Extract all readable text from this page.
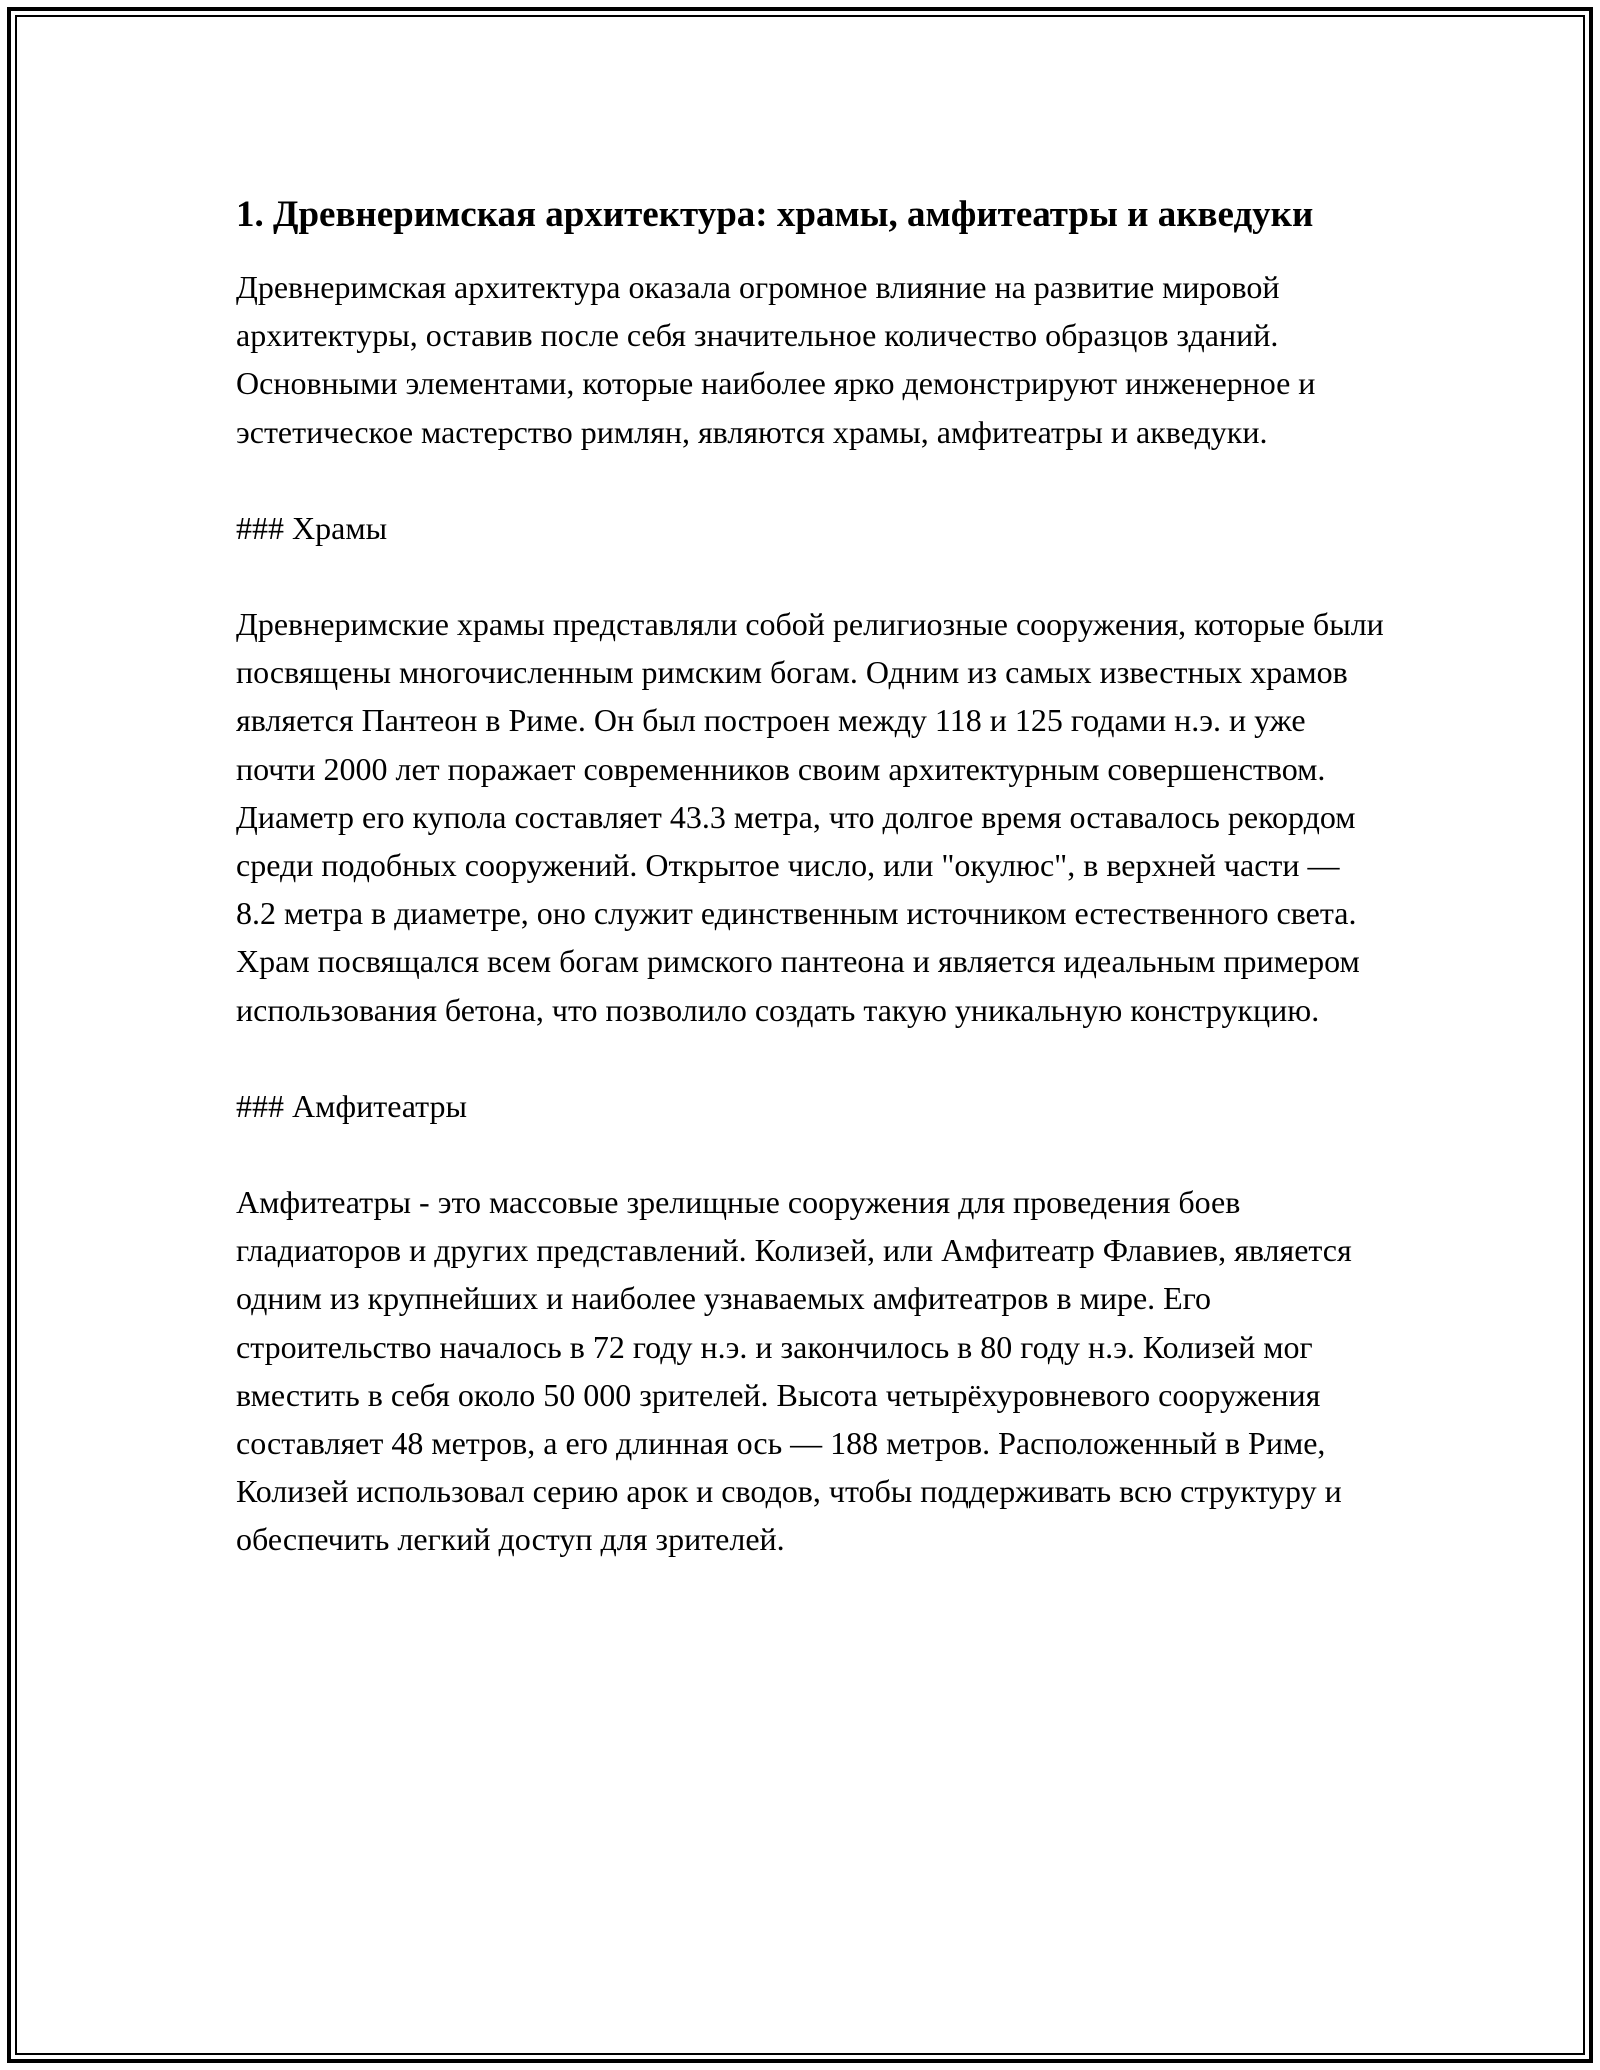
1. Древнеримская архитектура: храмы, амфитеатры и акведуки

Древнеримская архитектура оказала огромное влияние на развитие мировой архитектуры, оставив после себя значительное количество образцов зданий. Основными элементами, которые наиболее ярко демонстрируют инженерное и эстетическое мастерство римлян, являются храмы, амфитеатры и акведуки.

### Храмы

Древнеримские храмы представляли собой религиозные сооружения, которые были посвящены многочисленным римским богам. Одним из самых известных храмов является Пантеон в Риме. Он был построен между 118 и 125 годами н.э. и уже почти 2000 лет поражает современников своим архитектурным совершенством. Диаметр его купола составляет 43.3 метра, что долгое время оставалось рекордом среди подобных сооружений. Открытое число, или "окулюс", в верхней части — 8.2 метра в диаметре, оно служит единственным источником естественного света. Храм посвящался всем богам римского пантеона и является идеальным примером использования бетона, что позволило создать такую уникальную конструкцию.

### Амфитеатры

Амфитеатры - это массовые зрелищные сооружения для проведения боев гладиаторов и других представлений. Колизей, или Амфитеатр Флавиев, является одним из крупнейших и наиболее узнаваемых амфитеатров в мире. Его строительство началось в 72 году н.э. и закончилось в 80 году н.э. Колизей мог вместить в себя около 50 000 зрителей. Высота четырёхуровневого сооружения составляет 48 метров, а его длинная ось — 188 метров. Расположенный в Риме, Колизей использовал серию арок и сводов, чтобы поддерживать всю структуру и обеспечить легкий доступ для зрителей.
